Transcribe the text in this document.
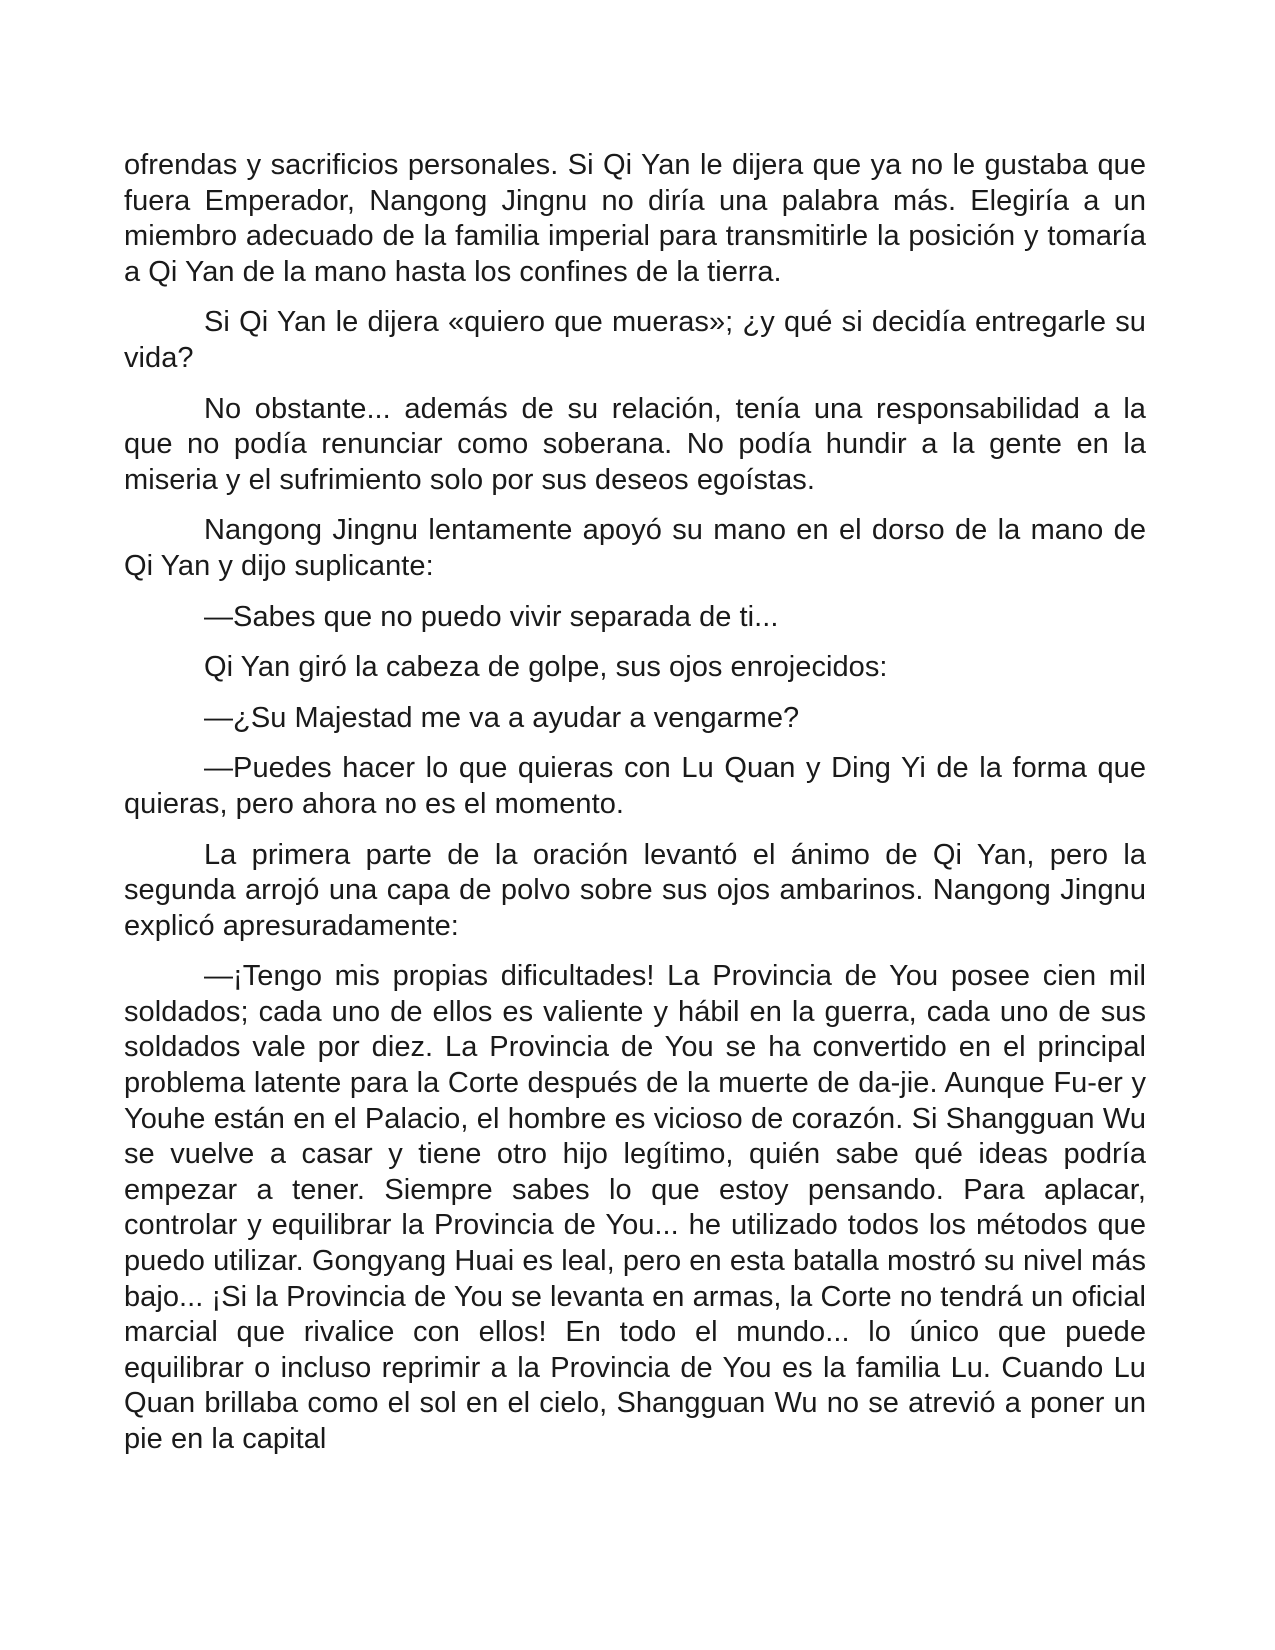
ofrendas y sacrificios personales. Si Qi Yan le dijera que ya no le gustaba que fuera Emperador, Nangong Jingnu no diría una palabra más. Elegiría a un miembro adecuado de la familia imperial para transmitirle la posición y tomaría a Qi Yan de la mano hasta los confines de la tierra.

Si Qi Yan le dijera «quiero que mueras»; ¿y qué si decidía entregarle su vida?

No obstante... además de su relación, tenía una responsabilidad a la que no podía renunciar como soberana. No podía hundir a la gente en la miseria y el sufrimiento solo por sus deseos egoístas.

Nangong Jingnu lentamente apoyó su mano en el dorso de la mano de Qi Yan y dijo suplicante:

—Sabes que no puedo vivir separada de ti...

Qi Yan giró la cabeza de golpe, sus ojos enrojecidos:

—¿Su Majestad me va a ayudar a vengarme?

—Puedes hacer lo que quieras con Lu Quan y Ding Yi de la forma que quieras, pero ahora no es el momento.

La primera parte de la oración levantó el ánimo de Qi Yan, pero la segunda arrojó una capa de polvo sobre sus ojos ambarinos. Nangong Jingnu explicó apresuradamente:

—¡Tengo mis propias dificultades! La Provincia de You posee cien mil soldados; cada uno de ellos es valiente y hábil en la guerra, cada uno de sus soldados vale por diez. La Provincia de You se ha convertido en el principal problema latente para la Corte después de la muerte de da-jie. Aunque Fu-er y Youhe están en el Palacio, el hombre es vicioso de corazón. Si Shangguan Wu se vuelve a casar y tiene otro hijo legítimo, quién sabe qué ideas podría empezar a tener. Siempre sabes lo que estoy pensando. Para aplacar, controlar y equilibrar la Provincia de You... he utilizado todos los métodos que puedo utilizar. Gongyang Huai es leal, pero en esta batalla mostró su nivel más bajo... ¡Si la Provincia de You se levanta en armas, la Corte no tendrá un oficial marcial que rivalice con ellos! En todo el mundo... lo único que puede equilibrar o incluso reprimir a la Provincia de You es la familia Lu. Cuando Lu Quan brillaba como el sol en el cielo, Shangguan Wu no se atrevió a poner un pie en la capital
